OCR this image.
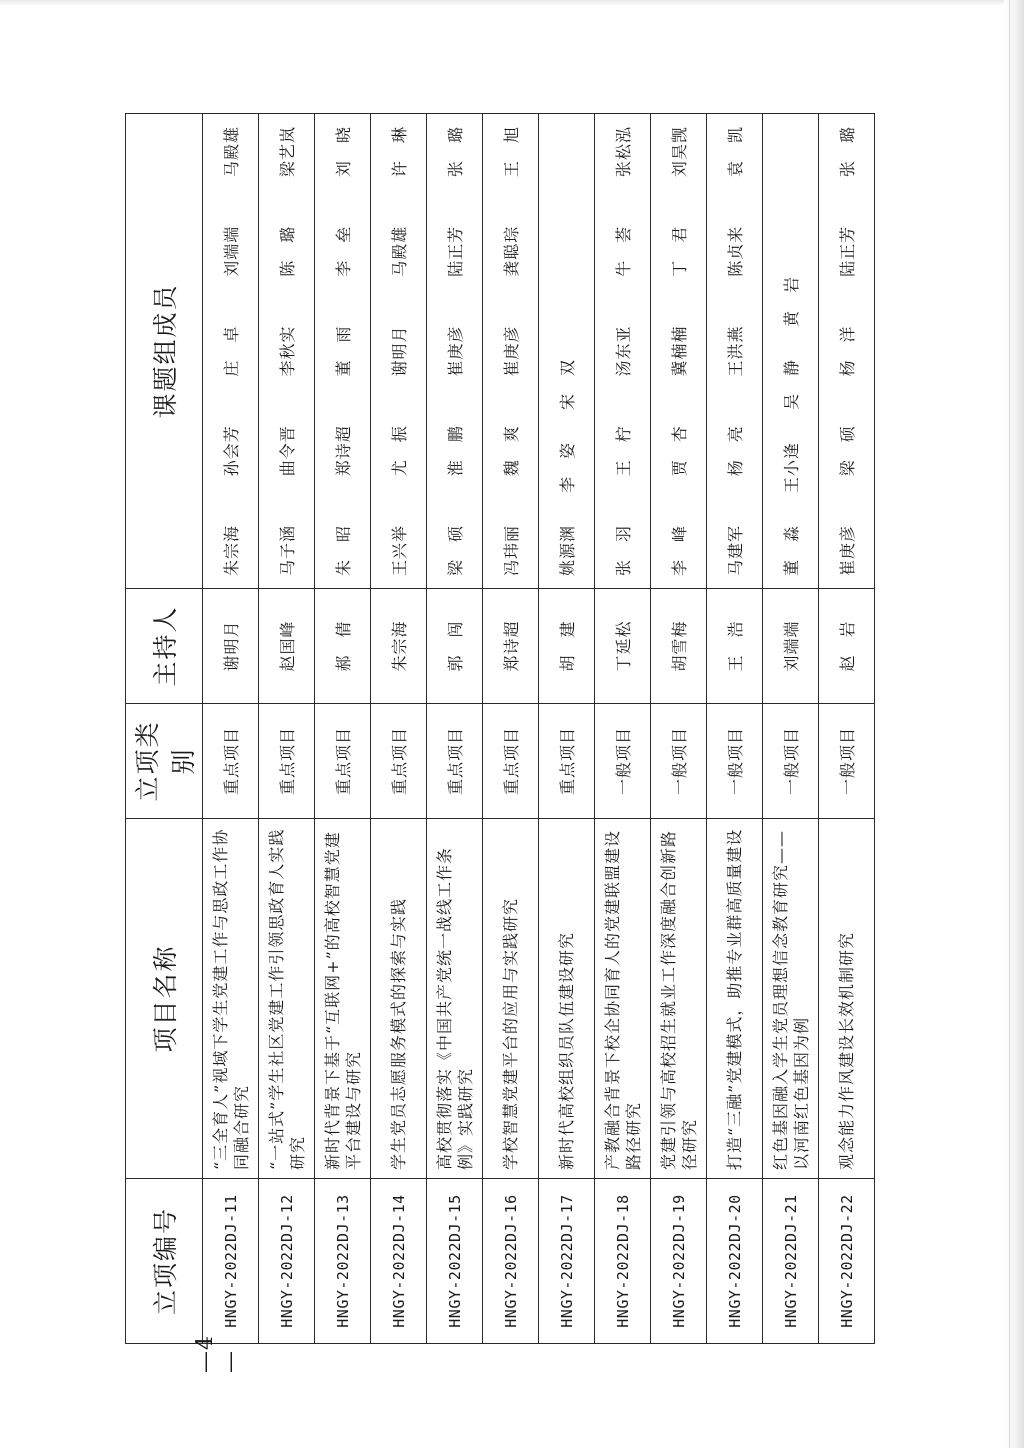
立项编号	项目名称	立项类别	主持人	课题组成员
HNGY-2022DJ-11	“三全育人”视域下学生党建工作与思政工作协同融合研究	重点项目	谢明月	朱宗海
孙会芳
庄　卓
刘端端
马殿雄

HNGY-2022DJ-12	“一站式”学生社区党建工作引领思政育人实践研究	重点项目	赵国峰	马子涵
曲令晋
李秋实
陈　璐
梁艺岚

HNGY-2022DJ-13	新时代背景下基于“互联网+”的高校智慧党建平台建设与研究	重点项目	郝　倩	朱　昭
郑诗超
董　雨
李　垒
刘　晓

HNGY-2022DJ-14	学生党员志愿服务模式的探索与实践	重点项目	朱宗海	王兴举
尤　振
谢明月
马殿雄
许　琳

HNGY-2022DJ-15	高校贯彻落实《中国共产党统一战线工作条例》实践研究	重点项目	郭　闯	梁　硕
淮　鹏
崔庚彦
陆正芳
张　璐

HNGY-2022DJ-16	学校智慧党建平台的应用与实践研究	重点项目	郑诗超	冯玮丽
魏　爽
崔庚彦
龚聪琮
王　旭

HNGY-2022DJ-17	新时代高校组织员队伍建设研究	重点项目	胡　建	姚源渊
李　姿
宋　双

HNGY-2022DJ-18	产教融合背景下校企协同育人的党建联盟建设路径研究	一般项目	丁延松	张　羽
王　柠
汤东亚
牛　荟
张松泓

HNGY-2022DJ-19	党建引领与高校招生就业工作深度融合创新路径研究	一般项目	胡雪梅	李　峰
贾　杏
冀楠楠
丁　君
刘昊觊

HNGY-2022DJ-20	打造“三融”党建模式，助推专业群高质量建设	一般项目	王　浩	马建军
杨　亮
王洪燕
陈贞来
袁　凯

HNGY-2022DJ-21	红色基因融入学生党员理想信念教育研究——以河南红色基因为例	一般项目	刘端端	董　淼
王小逢
吴　静
黄　岩

HNGY-2022DJ-22	观念能力作风建设长效机制研究	一般项目	赵　岩	崔庚彦
梁　硕
杨　洋
陆正芳
张　璐
—4—
